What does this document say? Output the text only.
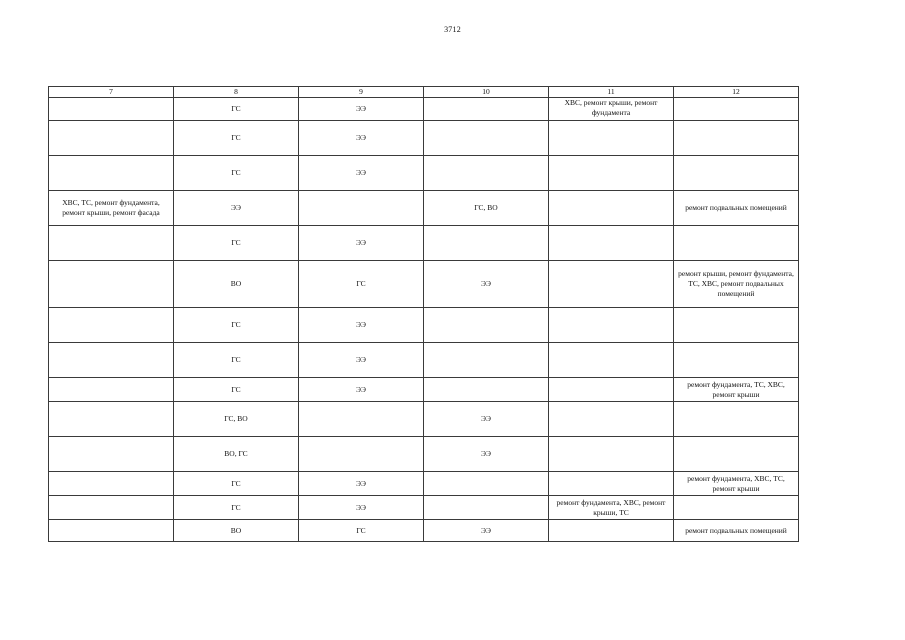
3712
7	8	9	10	11	12
	ГС	ЭЭ		ХВС, ремонт крыши, ремонт фундамента	
	ГС	ЭЭ			
	ГС	ЭЭ			
ХВС, ТС, ремонт фундамента, ремонт крыши, ремонт фасада	ЭЭ		ГС, ВО		ремонт подвальных помещений
	ГС	ЭЭ			
	ВО	ГС	ЭЭ		ремонт крыши, ремонт фундамента, ТС, ХВС, ремонт подвальных помещений
	ГС	ЭЭ			
	ГС	ЭЭ			
	ГС	ЭЭ			ремонт фундамента, ТС, ХВС, ремонт крыши
	ГС, ВО		ЭЭ		
	ВО, ГС		ЭЭ		
	ГС	ЭЭ			ремонт фундамента, ХВС, ТС, ремонт крыши
	ГС	ЭЭ		ремонт фундамента, ХВС, ремонт крыши, ТС	
	ВО	ГС	ЭЭ		ремонт подвальных помещений
